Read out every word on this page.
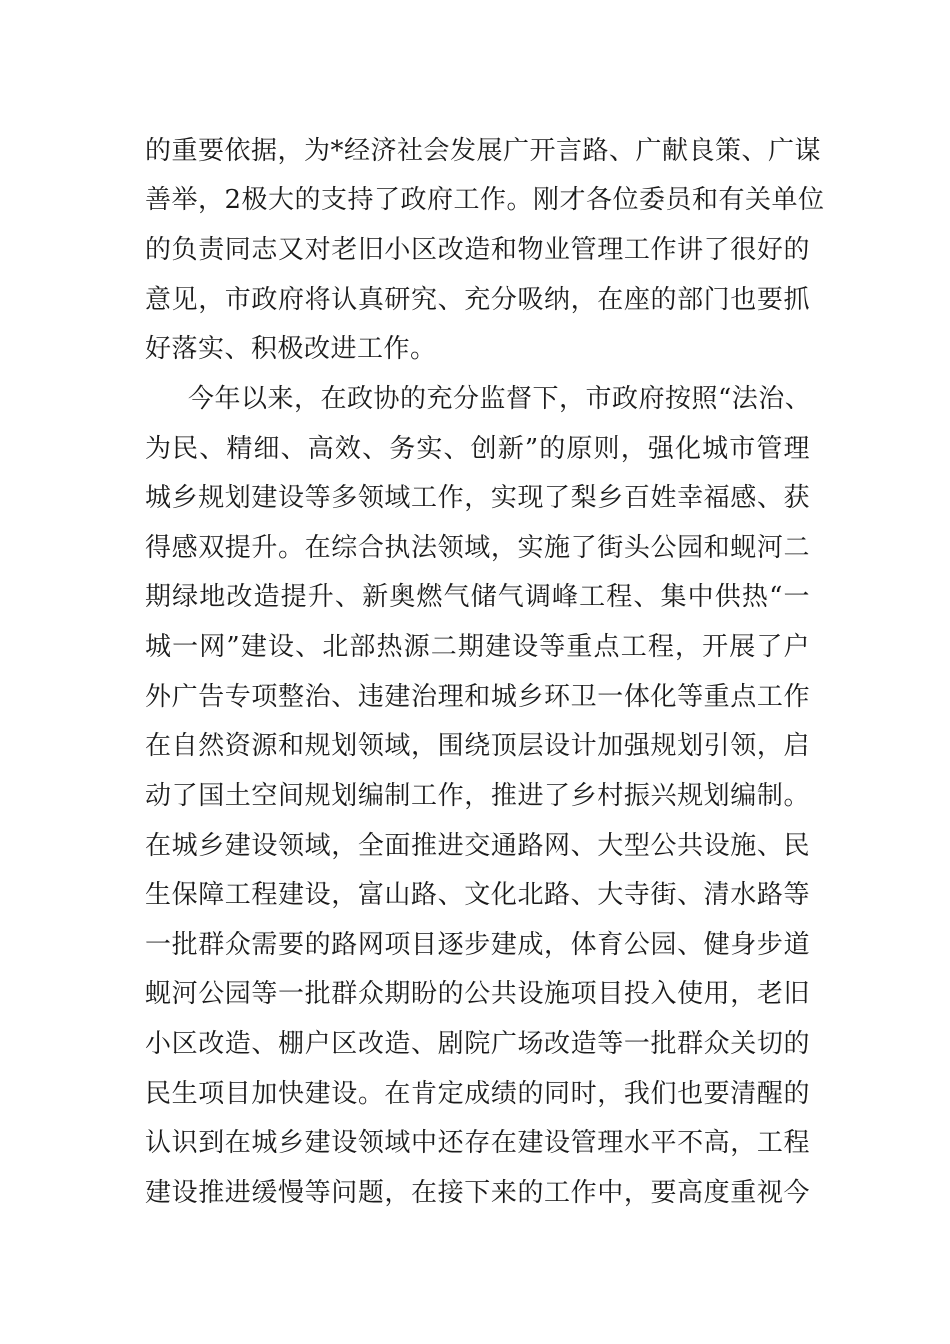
的重要依据，为*经济社会发展广开言路、广献良策、广谋
善举，2极大的支持了政府工作。刚才各位委员和有关单位
的负责同志又对老旧小区改造和物业管理工作讲了很好的
意见，市政府将认真研究、充分吸纳，在座的部门也要抓
好落实、积极改进工作。
今年以来，在政协的充分监督下，市政府按照“法治、
为民、精细、高效、务实、创新”的原则，强化城市管理
城乡规划建设等多领域工作，实现了梨乡百姓幸福感、获
得感双提升。在综合执法领域，实施了街头公园和蚬河二
期绿地改造提升、新奥燃气储气调峰工程、集中供热“一
城一网”建设、北部热源二期建设等重点工程，开展了户
外广告专项整治、违建治理和城乡环卫一体化等重点工作
在自然资源和规划领域，围绕顶层设计加强规划引领，启
动了国土空间规划编制工作，推进了乡村振兴规划编制。
在城乡建设领域，全面推进交通路网、大型公共设施、民
生保障工程建设，富山路、文化北路、大寺街、清水路等
一批群众需要的路网项目逐步建成，体育公园、健身步道
蚬河公园等一批群众期盼的公共设施项目投入使用，老旧
小区改造、棚户区改造、剧院广场改造等一批群众关切的
民生项目加快建设。在肯定成绩的同时，我们也要清醒的
认识到在城乡建设领域中还存在建设管理水平不高，工程
建设推进缓慢等问题，在接下来的工作中，要高度重视今
